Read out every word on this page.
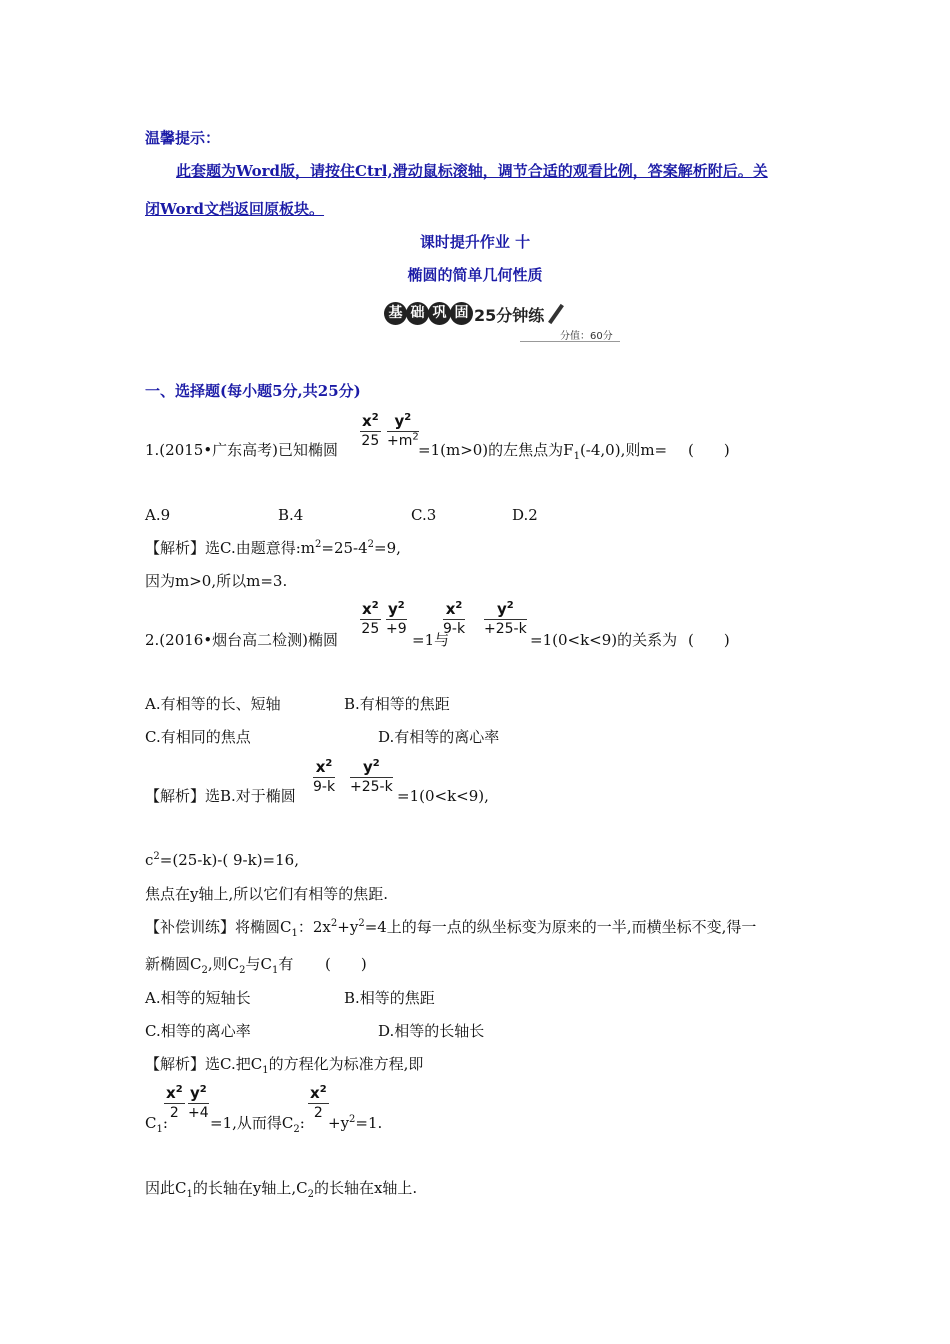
温馨提示：
此套题为Word版，请按住Ctrl,滑动鼠标滚轴，调节合适的观看比例，答案解析附后。关
闭Word文档返回原板块。
课时提升作业 十
椭圆的简单几何性质
基 础 巩 固 25分钟练
分值：60分
一、选择题(每小题5分,共25分)
$\frac{x^2}{25} \frac{y^2}{+m^2}$
1.(2015•广东高考)已知椭圆	=1(m>0)的左焦点为$F_1(-4,0)$,则m= (　　)
A.9	B.4	C.3	D.2
【解析】选C.由题意得$:m^2=25-4^2=9$,
因为m>0,所以m=3.
$\frac{x^2}{25} \frac{y^2}{+9}$
2.(2016•烟台高二检测)椭圆	=1与
$\frac{x^2}{9-k} \frac{y^2}{+25-k}$
=1(0<k<9)的关系为 (　　)
A.有相等的长、短轴	B.有相等的焦距
C.有相同的焦点	D.有相等的离心率
$\frac{x^2}{9-k} \frac{y^2}{+25-k}$
【解析】选B.对于椭圆	=1(0<k<9),
$c^2=(25-k)-$( 9-k)=16,
焦点在y轴上,所以它们有相等的焦距.
【补偿训练】将椭圆$C_1$：$2x^2+y^2=4$上的每一点的纵坐标变为原来的一半,而横坐标不变,得一
新椭圆$C_2$,则$C_2$与$C_1$有 (　　)
A.相等的短轴长	B.相等的焦距
C.相等的离心率	D.相等的长轴长
【解析】选C.把$C_1$的方程化为标准方程,即
$C_1$:
$\frac{x^2}{2} \frac{y^2}{+4}$
=1,从而得$C_2$:
$\frac{x^2}{2}$
$+y^2=1$.
因此$C_1$的长轴在y轴上$,C_2$的长轴在x轴上.
